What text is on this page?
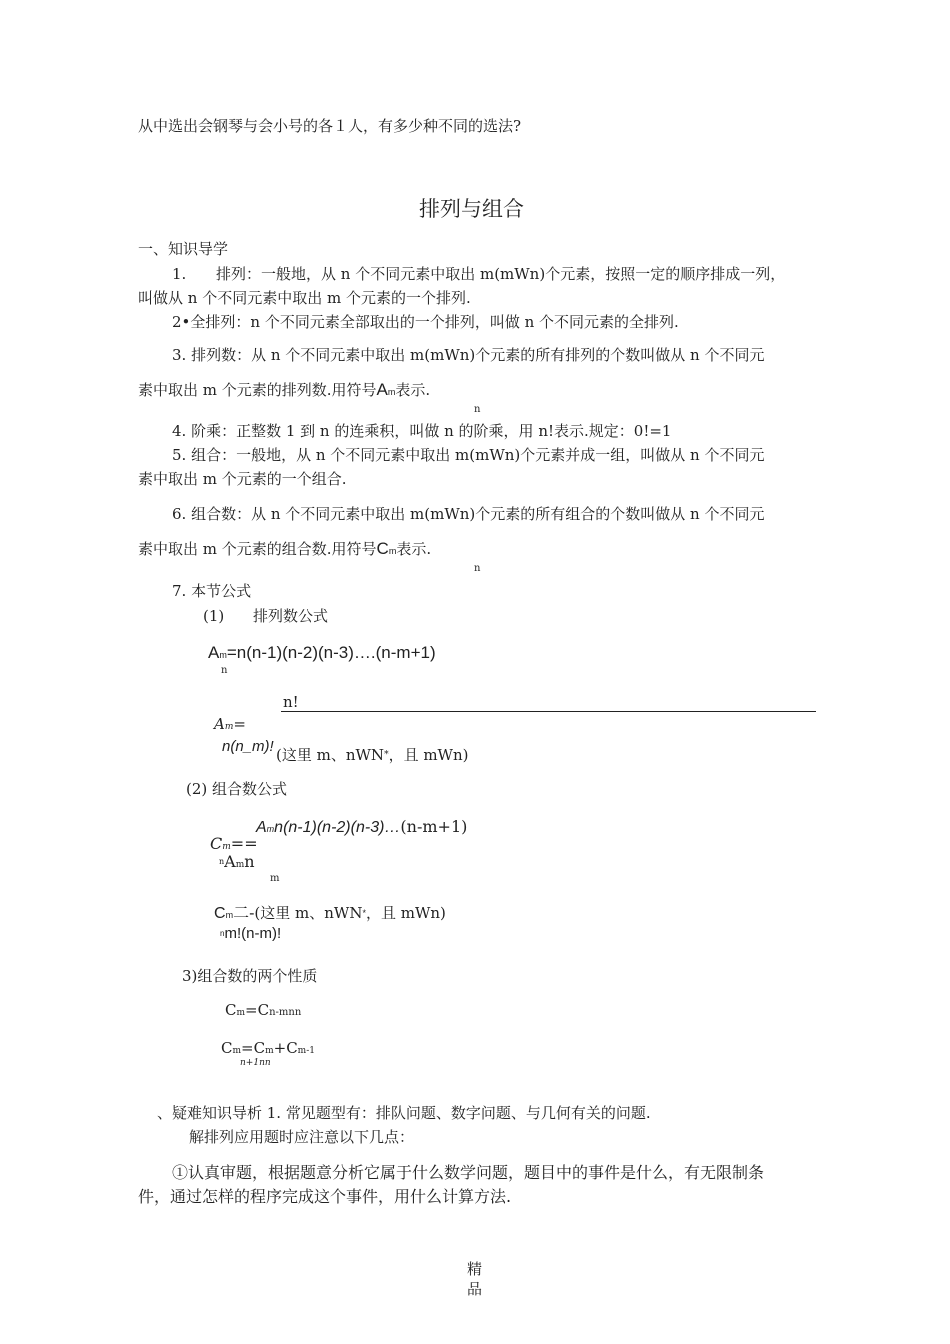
从中选出会钢琴与会小号的各１人，有多少种不同的选法?
排列与组合
一、知识导学
1. 排列：一般地，从 n 个不同元素中取出 m(mWn)个元素，按照一定的顺序排成一列，
叫做从 n 个不同元素中取出 m 个元素的一个排列.
2•全排列：n 个不同元素全部取出的一个排列，叫做 n 个不同元素的全排列.
3. 排列数：从 n 个不同元素中取出 m(mWn)个元素的所有排列的个数叫做从 n 个不同元
素中取出 m 个元素的排列数.用符号Am表示.
n
4. 阶乘：正整数 1 到 n 的连乘积，叫做 n 的阶乘，用 n!表示.规定：0!=1
5. 组合：一般地，从 n 个不同元素中取出 m(mWn)个元素并成一组，叫做从 n 个不同元
素中取出 m 个元素的一个组合.
6. 组合数：从 n 个不同元素中取出 m(mWn)个元素的所有组合的个数叫做从 n 个不同元
素中取出 m 个元素的组合数.用符号Cm表示.
n
7. 本节公式
(1) 排列数公式
Am=n(n-1)(n-2)(n-3)….(n-m+1)
n
n!
Am=
n(n_m)! (这里 m、nWN*，且 mWn)
(2) 组合数公式
Amn(n-1)(n-2)(n-3)…(n-m+1)
Cm==
$^n$Amn
m
Cm二-(这里 m、nWN*，且 mWn)
$^n$m!(n-m)!
3)组合数的两个性质
Cm=Cn-mnn
Cm=Cm+Cm-1
n+1nn
、疑难知识导析 1. 常见题型有：排队问题、数字问题、与几何有关的问题.
解排列应用题时应注意以下几点：
①认真审题，根据题意分析它属于什么数学问题，题目中的事件是什么，有无限制条
件，通过怎样的程序完成这个事件，用什么计算方法.
精
品
